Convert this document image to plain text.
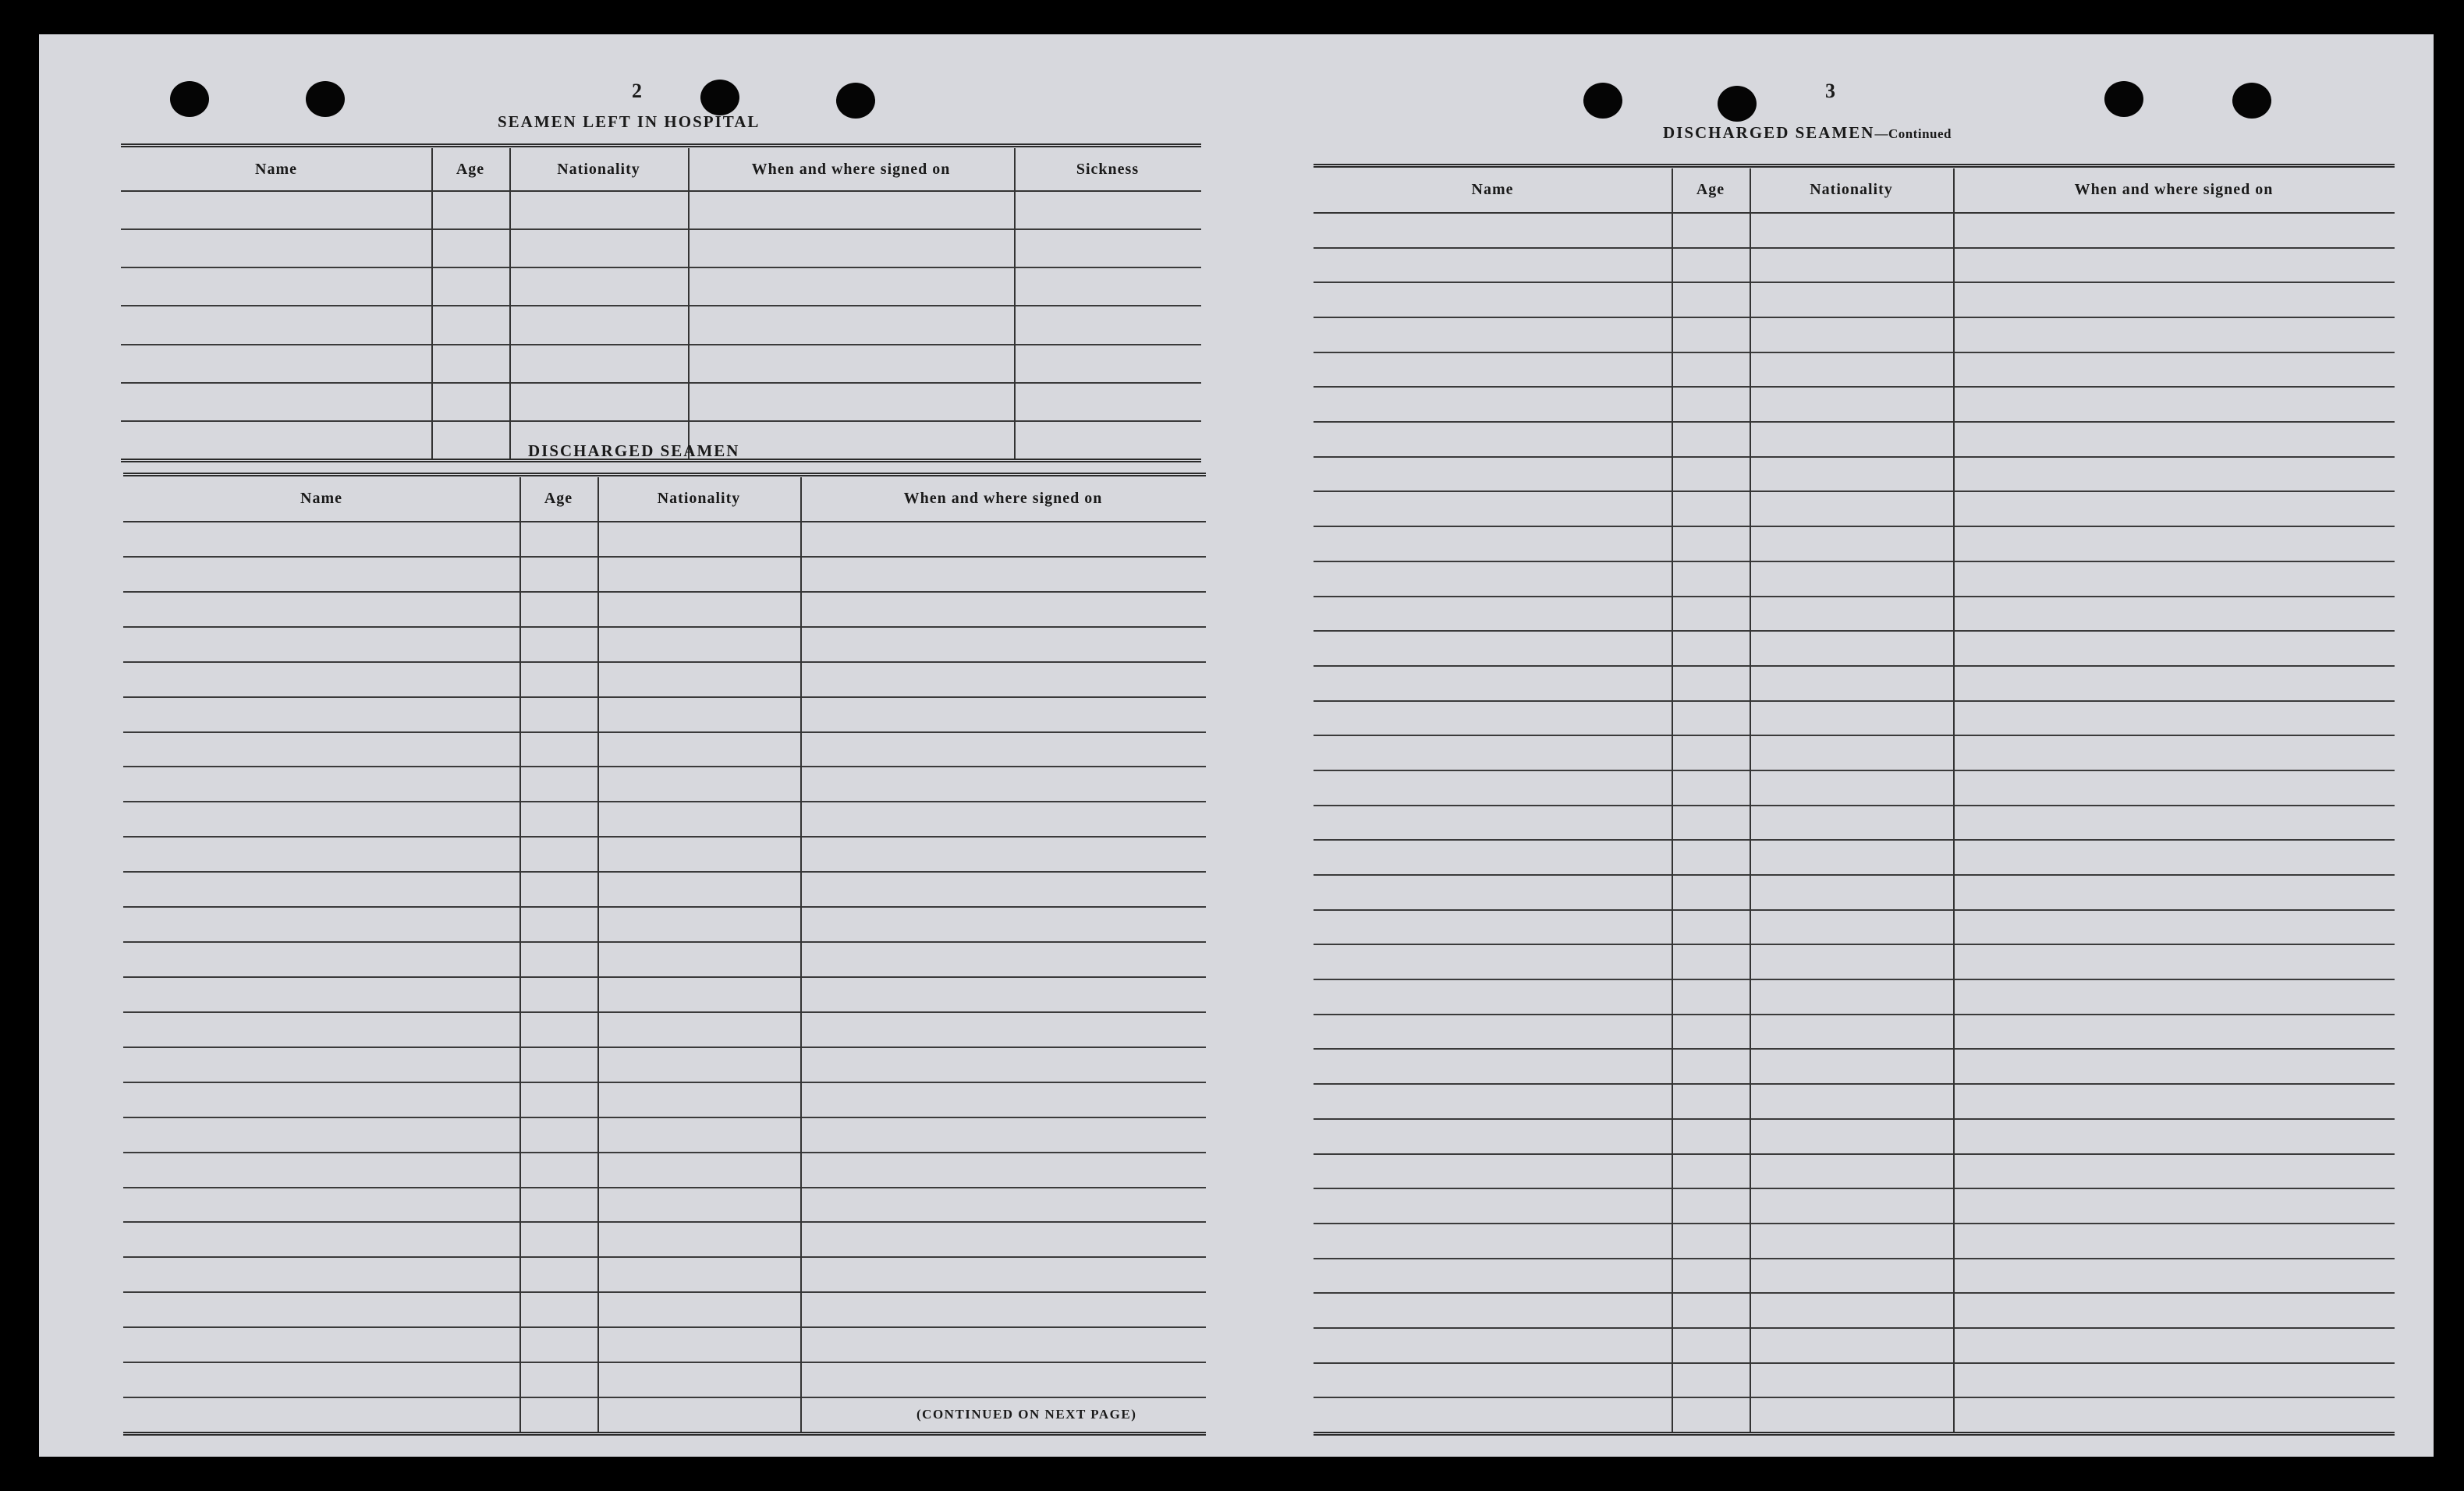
2
SEAMEN LEFT IN HOSPITAL
Name	Age	Nationality	When and where signed on	Sickness
DISCHARGED SEAMEN
Name	Age	Nationality	When and where signed on
(CONTINUED ON NEXT PAGE)
3
DISCHARGED SEAMEN—Continued
Name	Age	Nationality	When and where signed on
